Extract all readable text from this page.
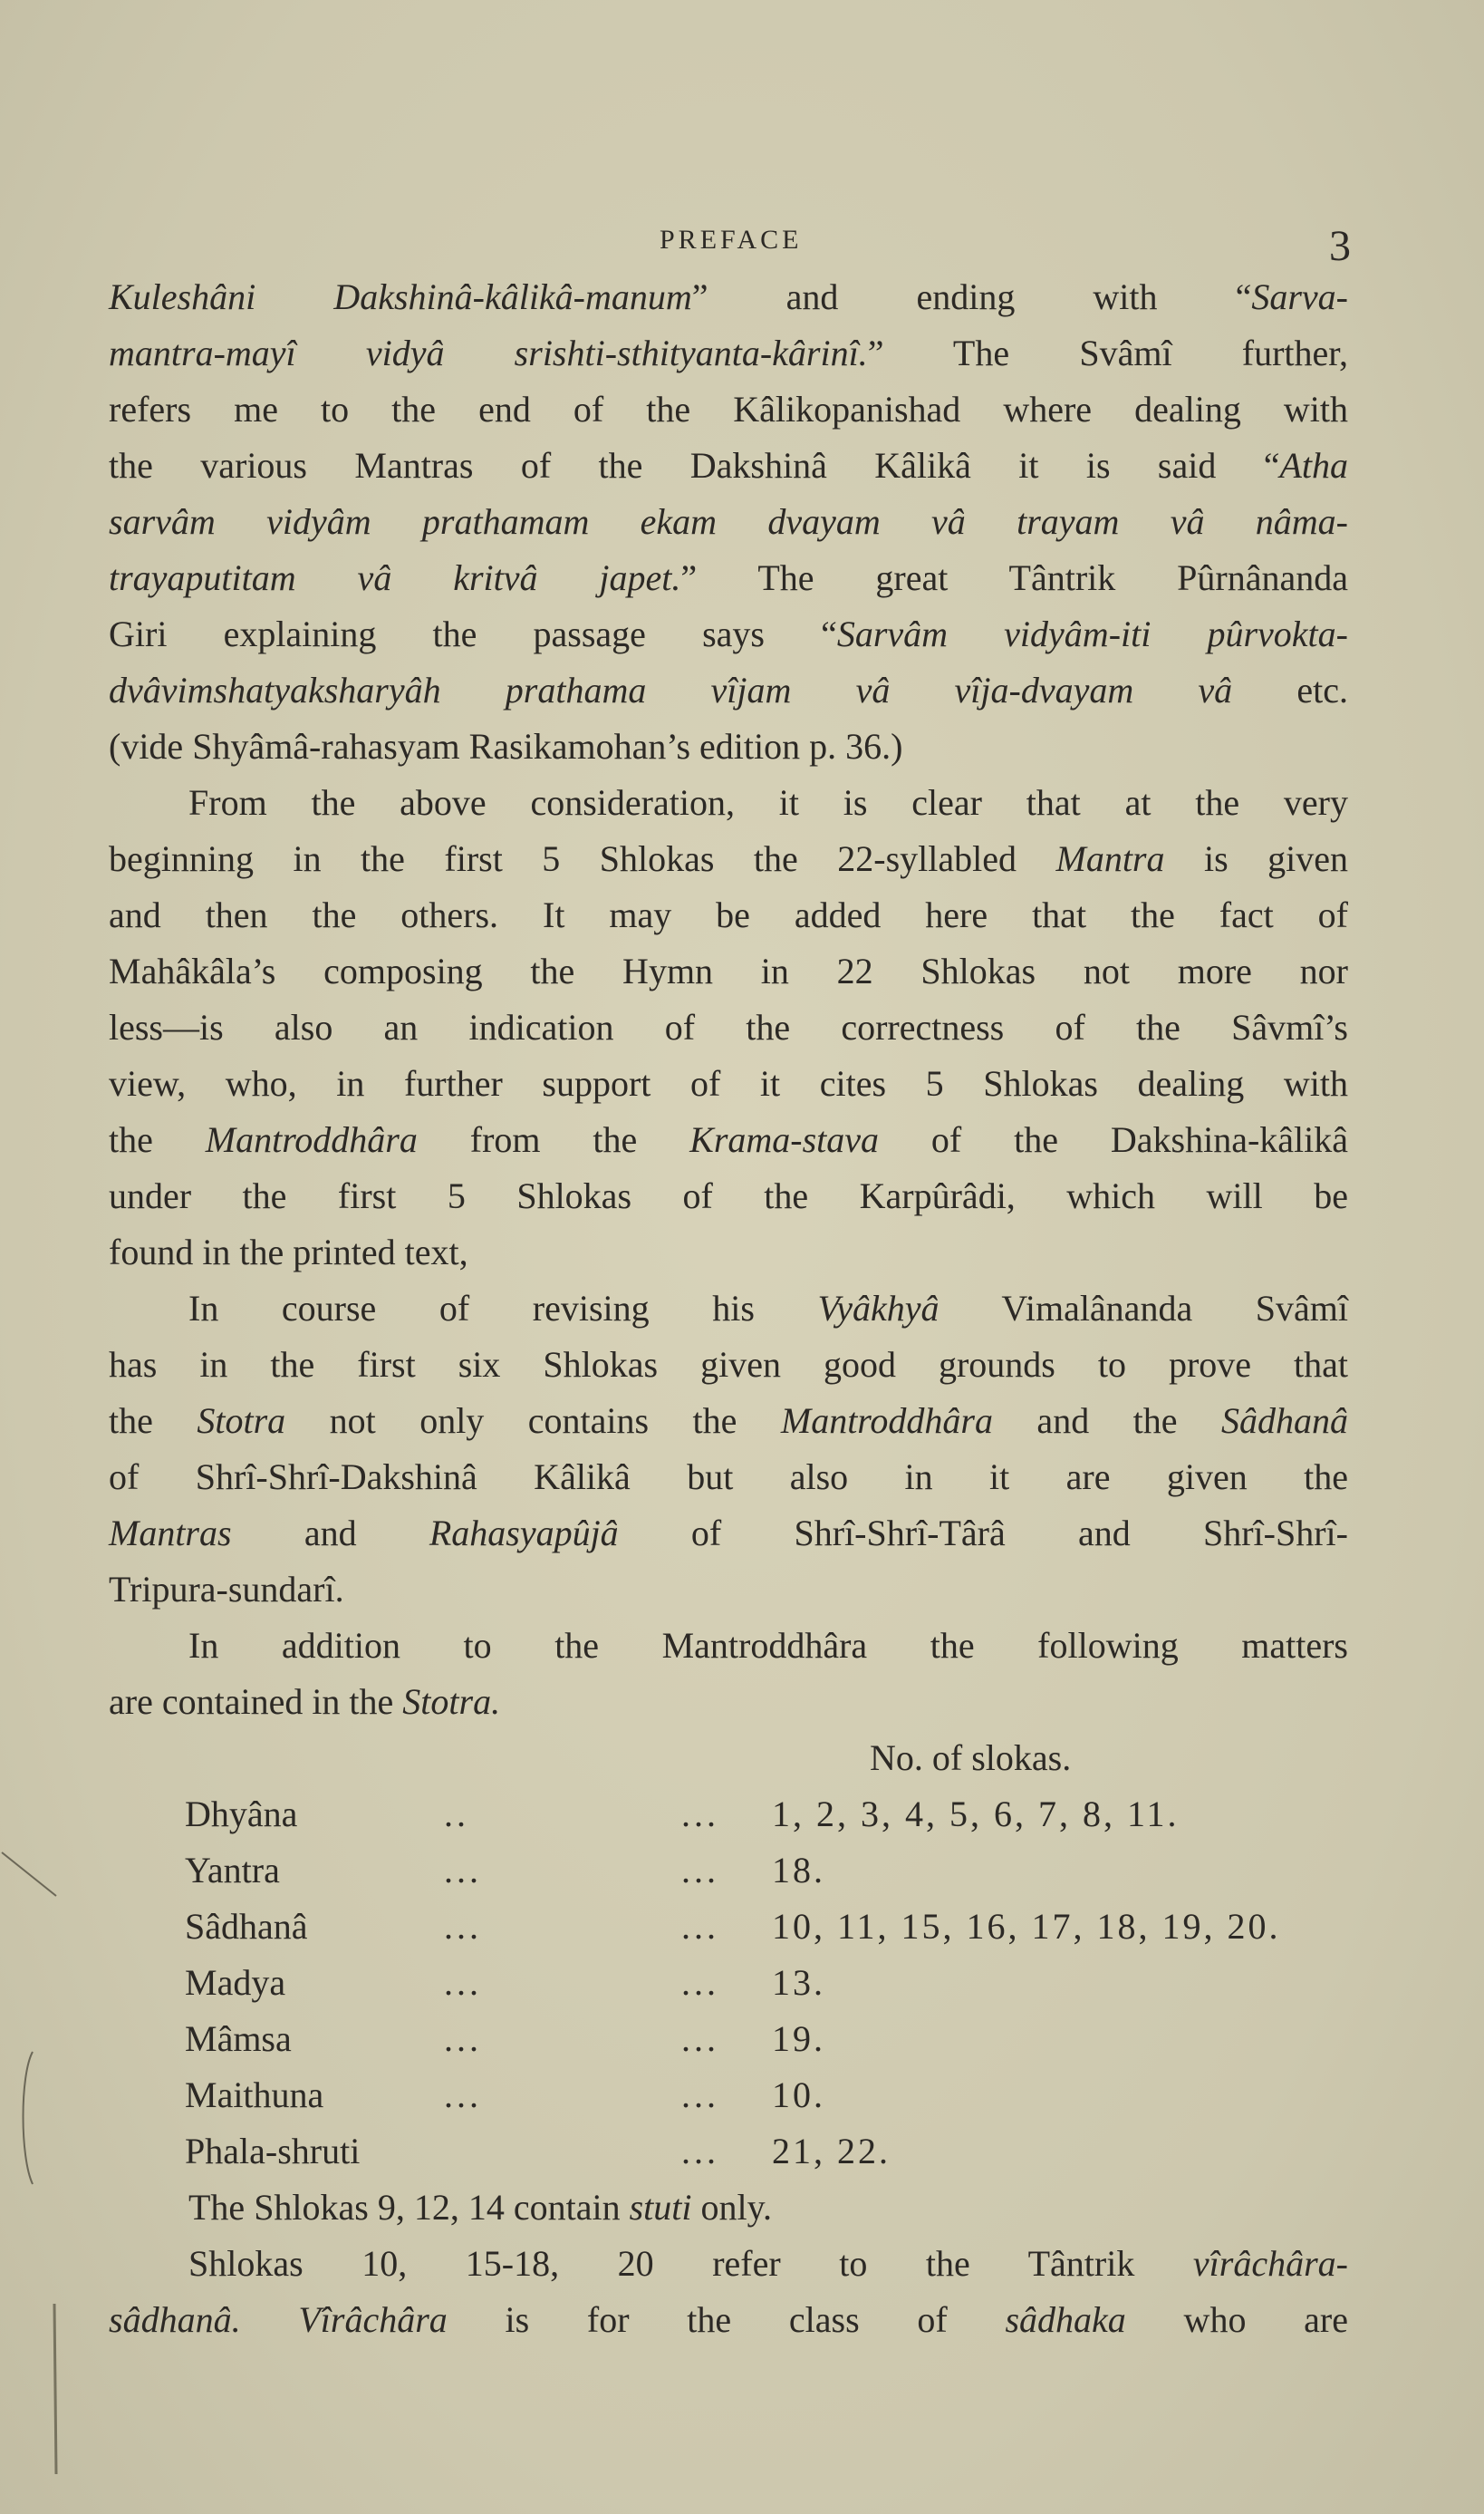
PREFACE	3
Kuleshâni Dakshinâ-kâlikâ-manum” and ending with “Sarva-
mantra-mayî vidyâ srishti-sthityanta-kârinî.” The Svâmî further,
refers me to the end of the Kâlikopanishad where dealing with
the various Mantras of the Dakshinâ Kâlikâ it is said “Atha
sarvâm vidyâm prathamam ekam dvayam vâ trayam vâ nâma-
trayaputitam vâ kritvâ japet.” The great Tântrik Pûrnânanda
Giri explaining the passage says “Sarvâm vidyâm-iti pûrvokta-
dvâvimshatyaksharyâh prathama vîjam vâ vîja-dvayam vâ etc.
(vide Shyâmâ-rahasyam Rasikamohan’s edition p. 36.)
From the above consideration, it is clear that at the very
beginning in the first 5 Shlokas the 22-syllabled Mantra is given
and then the others. It may be added here that the fact of
Mahâkâla’s composing the Hymn in 22 Shlokas not more nor
less—is also an indication of the correctness of the Sâvmî’s
view, who, in further support of it cites 5 Shlokas dealing with
the Mantroddhâra from the Krama-stava of the Dakshina-kâlikâ
under the first 5 Shlokas of the Karpûrâdi, which will be
found in the printed text,
In course of revising his Vyâkhyâ Vimalânanda Svâmî
has in the first six Shlokas given good grounds to prove that
the Stotra not only contains the Mantroddhâra and the Sâdhanâ
of Shrî-Shrî-Dakshinâ Kâlikâ but also in it are given the
Mantras and Rahasyapûjâ of Shrî-Shrî-Târâ and Shrî-Shrî-
Tripura-sundarî.
In addition to the Mantroddhâra the following matters
are contained in the Stotra.
No. of slokas.
Dhyâna	..	... 1, 2, 3, 4, 5, 6, 7, 8, 11.
Yantra	...	... 18.
Sâdhanâ	...	... 10, 11, 15, 16, 17, 18, 19, 20.
Madya	...	... 13.
Mâmsa	...	... 19.
Maithuna	...	... 10.
Phala-shruti	... 21, 22.
The Shlokas 9, 12, 14 contain stuti only.
Shlokas 10, 15-18, 20 refer to the Tântrik vîrâchâra-
sâdhanâ. Vîrâchâra is for the class of sâdhaka who are
